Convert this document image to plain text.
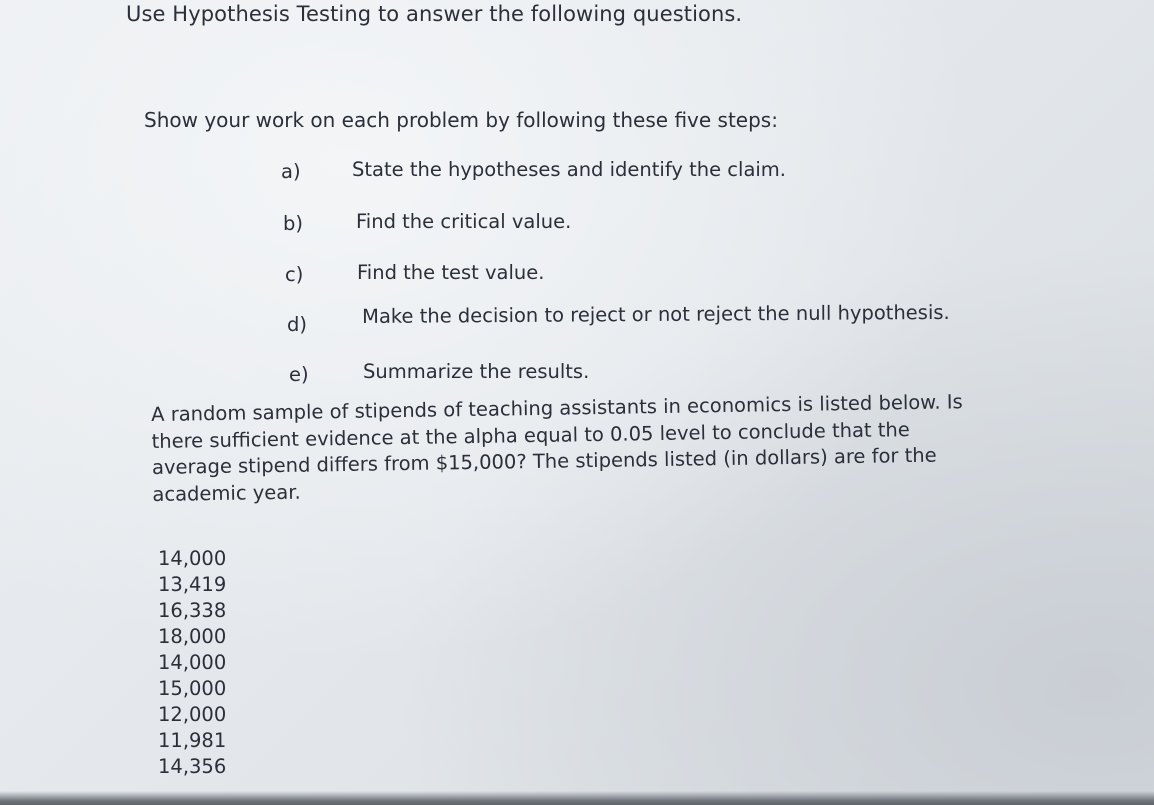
Use Hypothesis Testing to answer the following questions.
Show your work on each problem by following these five steps:
a)	State the hypotheses and identify the claim.
b)	Find the critical value.
c)	Find the test value.
d)	Make the decision to reject or not reject the null hypothesis.
e)	Summarize the results.
A random sample of stipends of teaching assistants in economics is listed below. Is
there sufficient evidence at the alpha equal to 0.05 level to conclude that the
average stipend differs from $15,000? The stipends listed (in dollars) are for the
academic year.
14,000
13,419
16,338
18,000
14,000
15,000
12,000
11,981
14,356
